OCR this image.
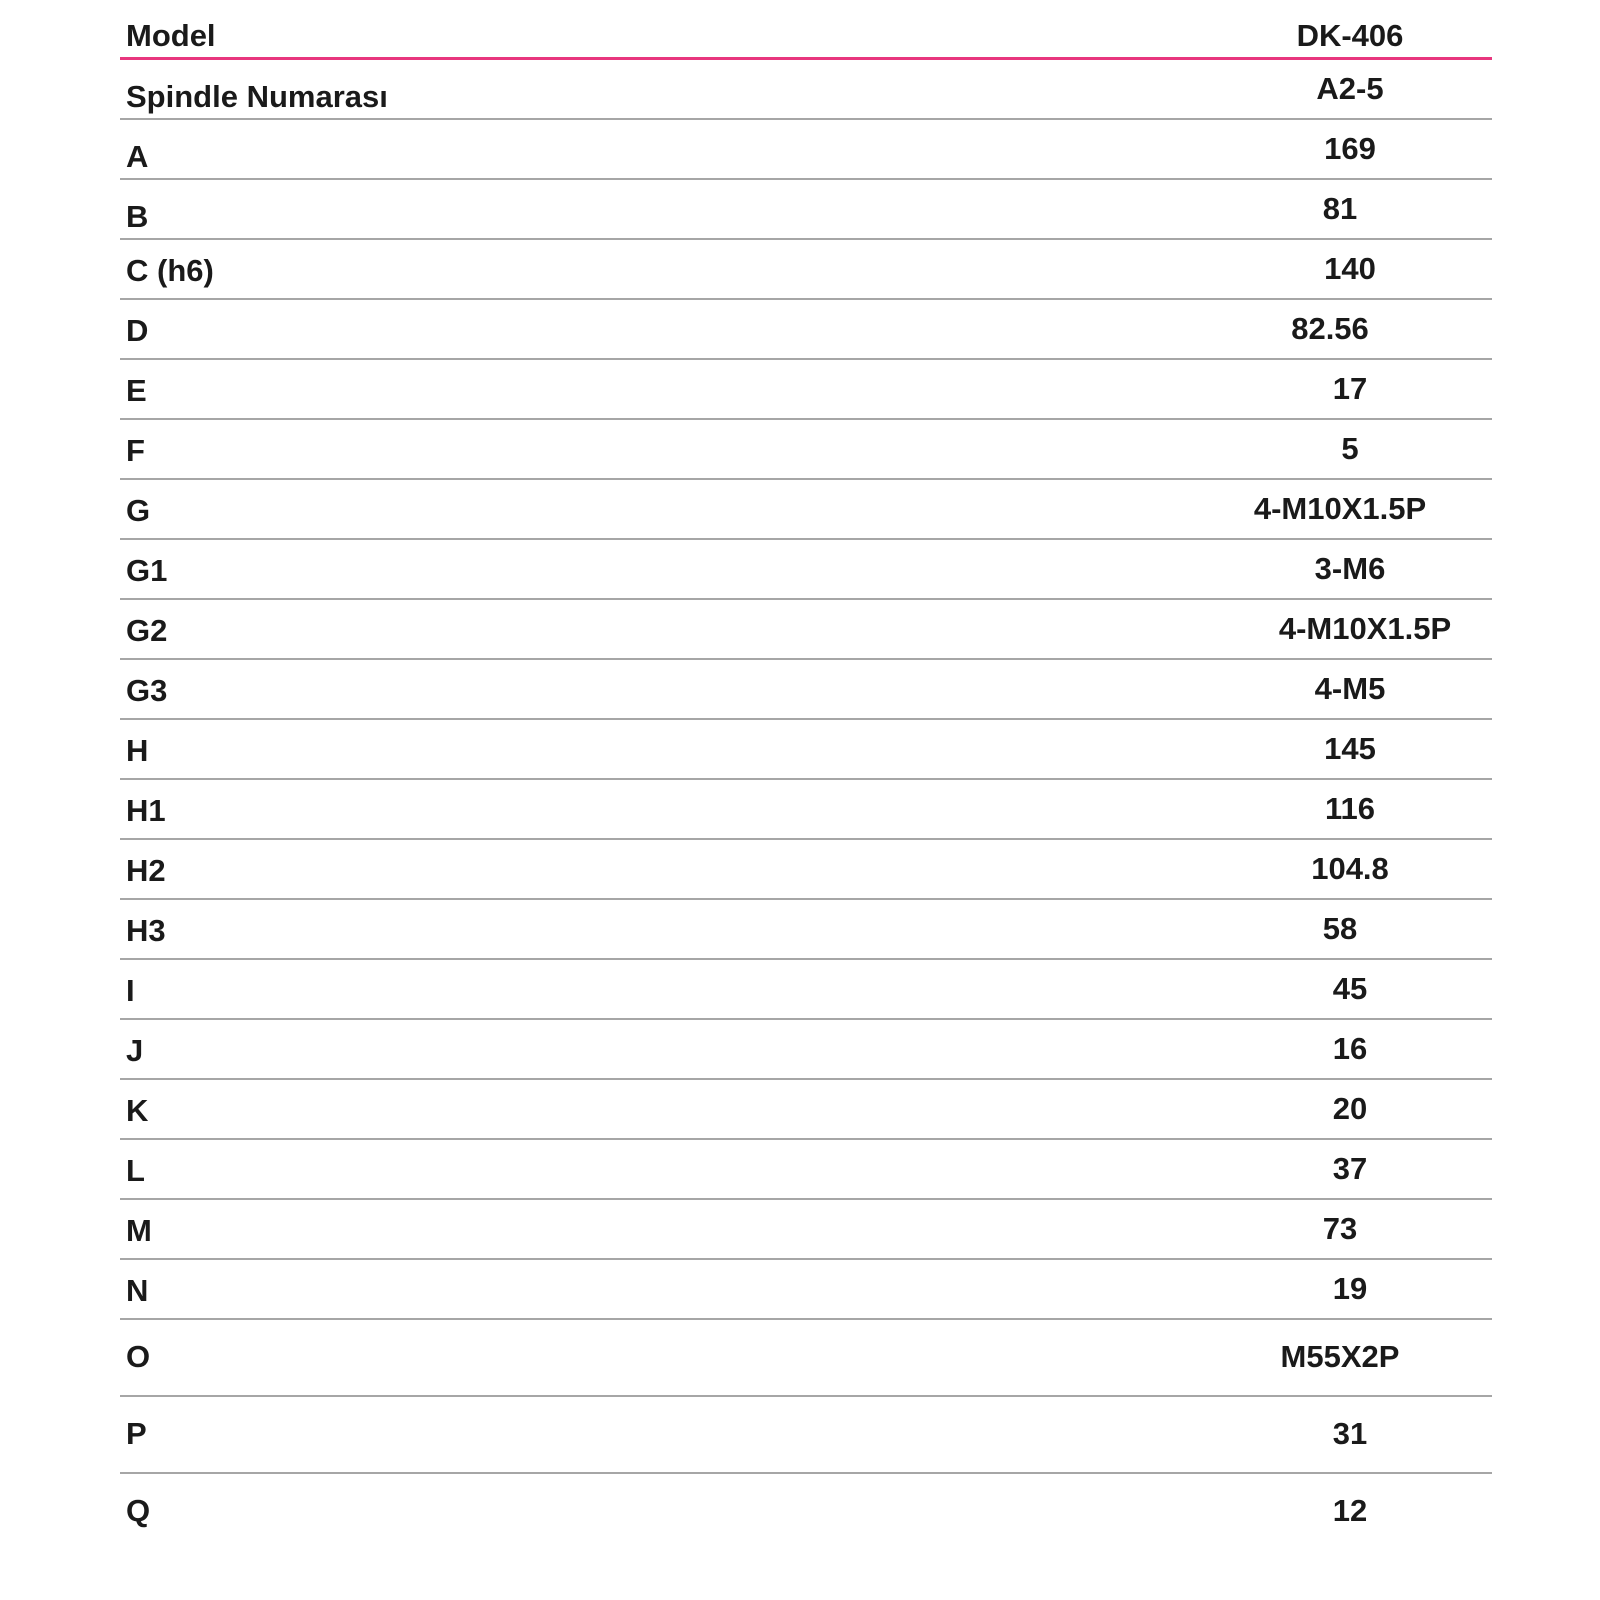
Model	DK-406
Spindle Numarası	A2-5
A	169
B	81
C (h6)	140
D	82.56
E	17
F	5
G	4-M10X1.5P
G1	3-M6
G2	4-M10X1.5P
G3	4-M5
H	145
H1	116
H2	104.8
H3	58
I	45
J	16
K	20
L	37
M	73
N	19
O	M55X2P
P	31
Q	12
